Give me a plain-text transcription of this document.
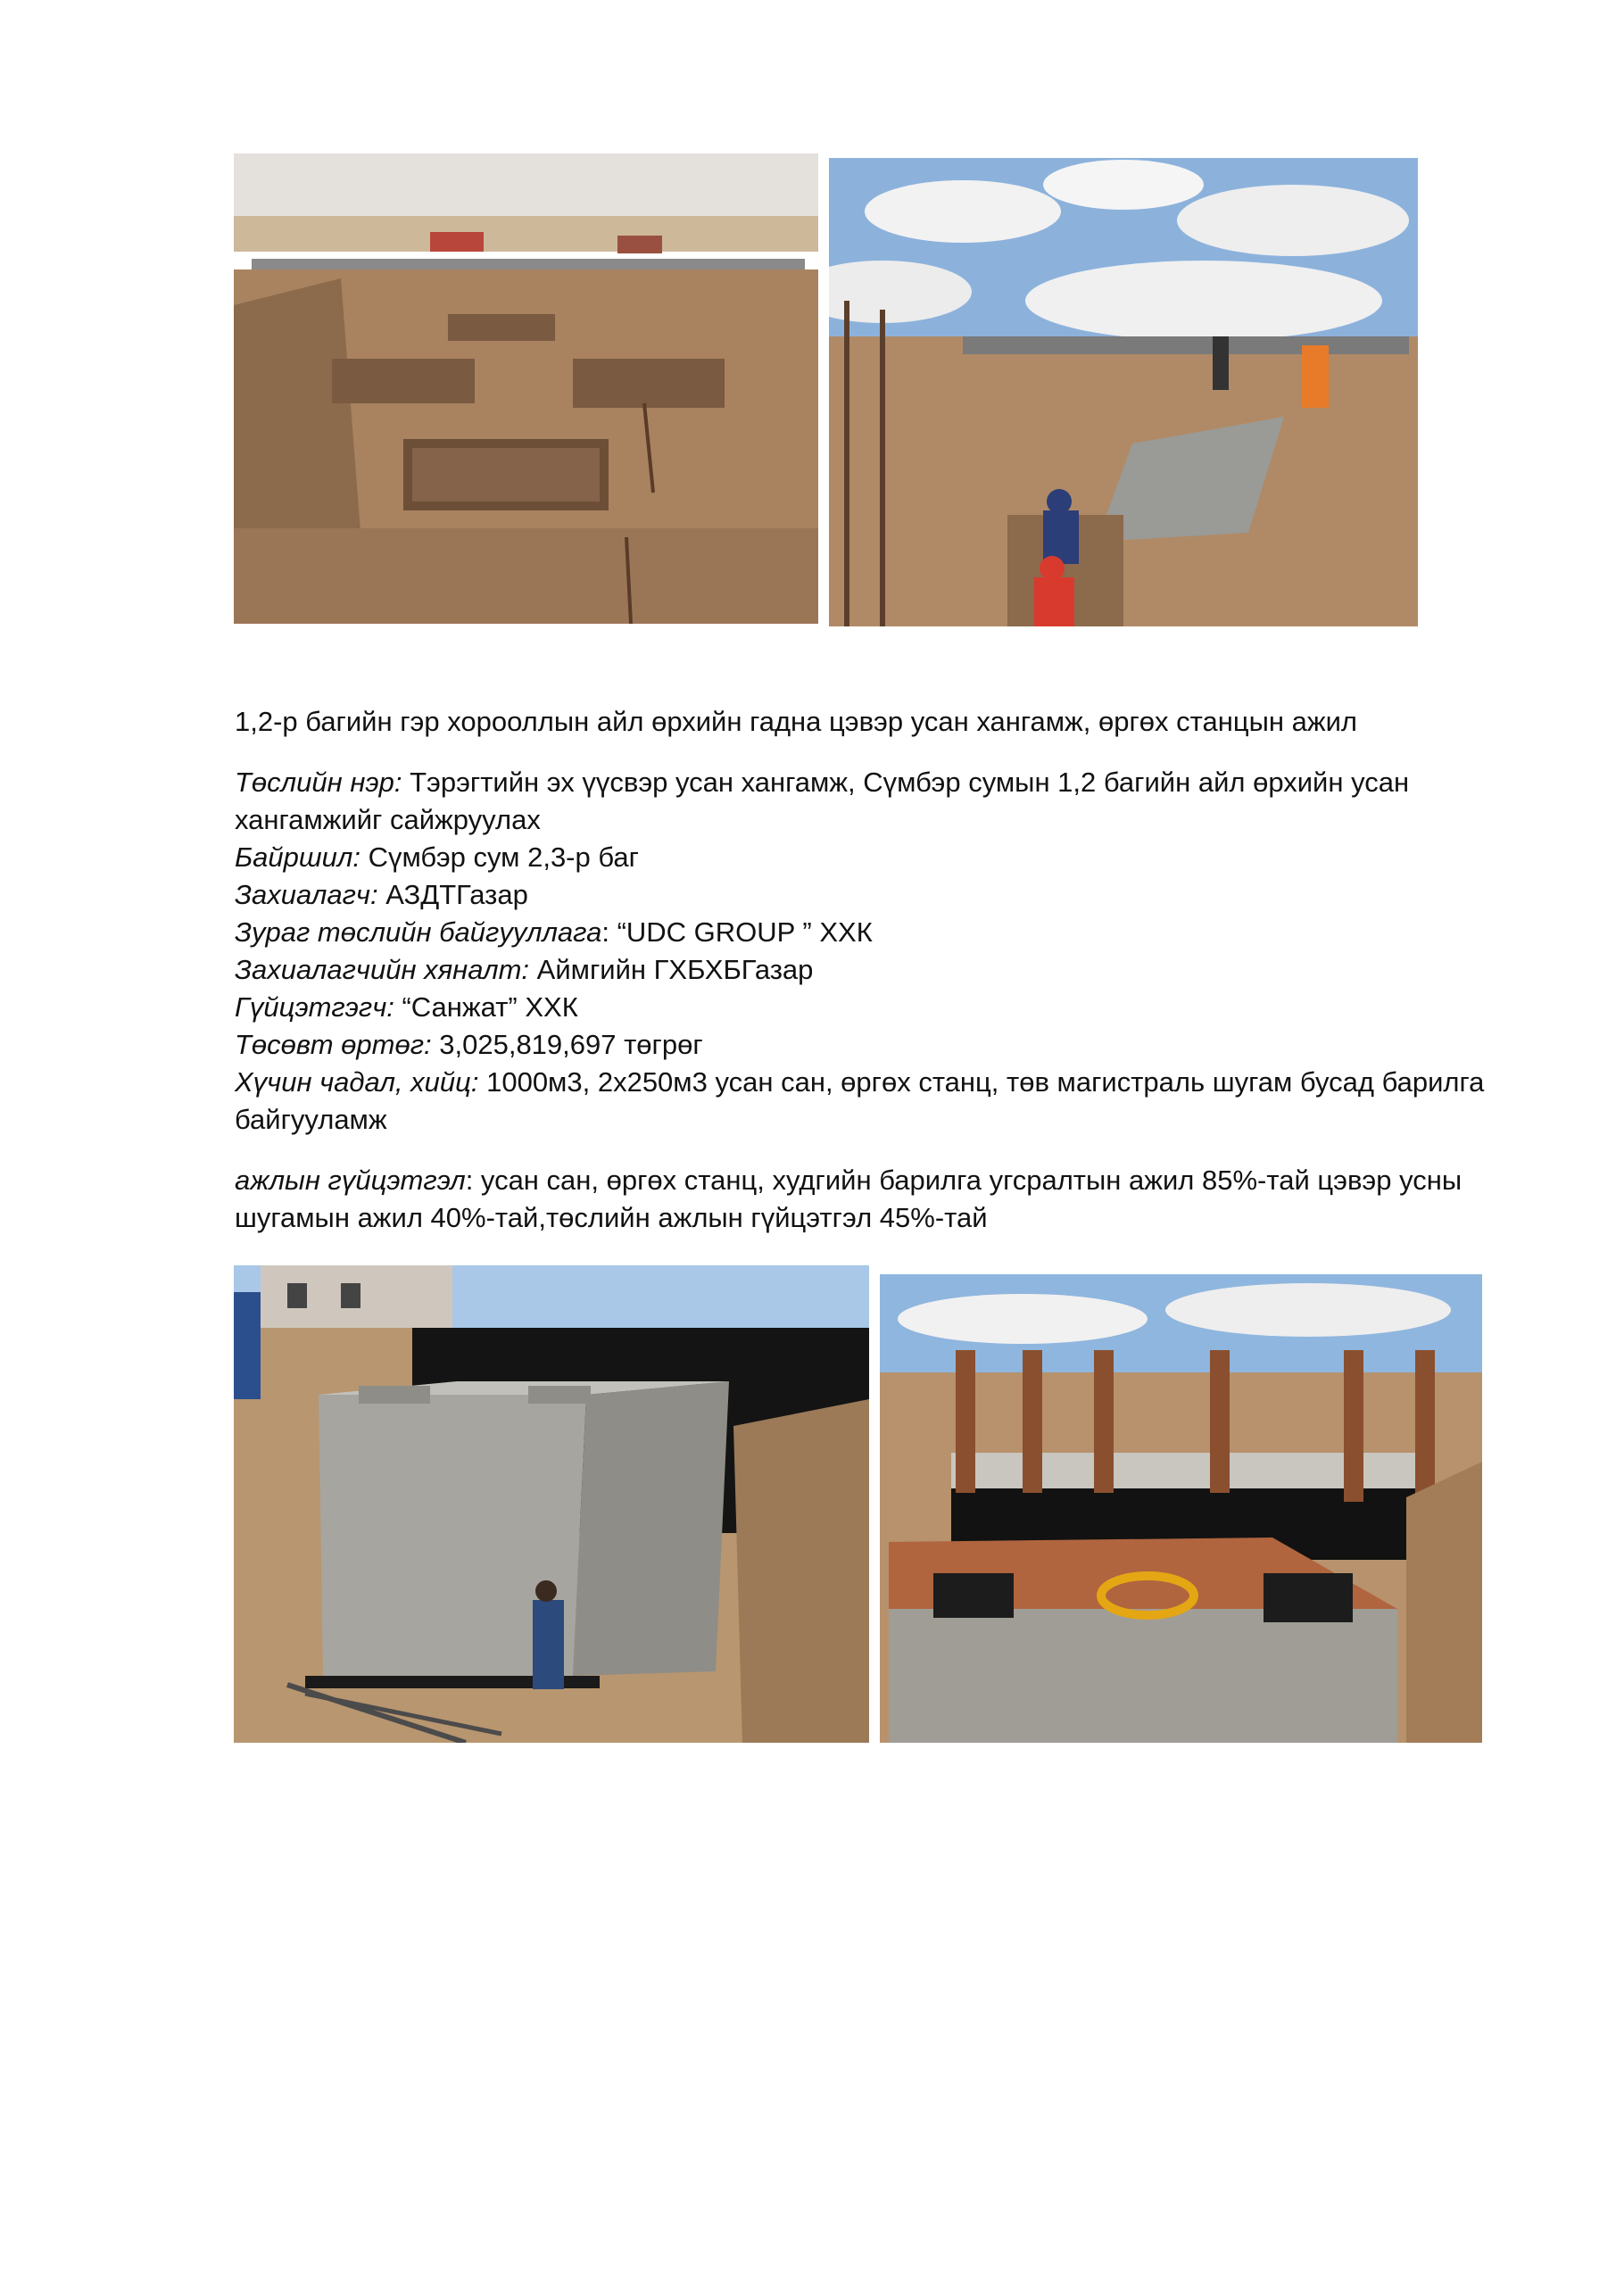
1,2-р багийн гэр хорооллын айл өрхийн гадна цэвэр усан хангамж, өргөх станцын ажил

Төслийн нэр: Тэрэгтийн эх үүсвэр усан хангамж, Сүмбэр сумын 1,2 багийн айл өрхийн усан хангамжийг сайжруулах

Байршил: Сүмбэр сум 2,3-р баг

Захиалагч: АЗДТГазар

Зураг төслийн байгууллага: “UDC GROUP ” ХХК

Захиалагчийн хяналт: Аймгийн ГХБХБГазар

Гүйцэтгэгч: “Санжат” ХХК

Төсөвт өртөг: 3,025,819,697 төгрөг

Хүчин чадал, хийц: 1000м3, 2х250м3 усан сан, өргөх станц, төв магистраль шугам бусад барилга байгууламж

ажлын гүйцэтгэл: усан сан, өргөх станц, худгийн барилга угсралтын ажил 85%-тай цэвэр усны шугамын ажил 40%-тай,төслийн ажлын гүйцэтгэл 45%-тай
